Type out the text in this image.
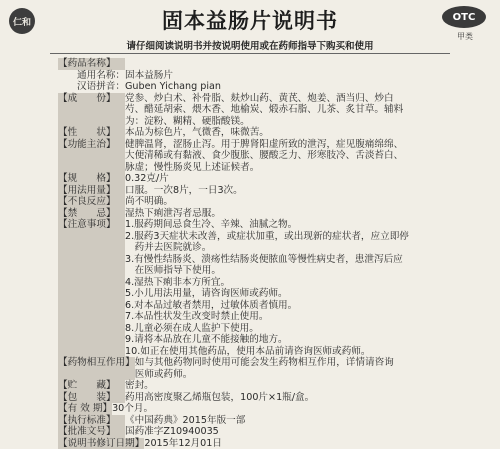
仁和	固本益肠片说明书	OTC
甲类
请仔细阅读说明书并按说明使用或在药师指导下购买和使用
【药品名称】
通用名称： 固本益肠片
汉语拼音： Guben Yichang pian
【成　　份】 党参、炒白术、补骨脂、麸炒山药、黄芪、炮姜、酒当归、炒白
芍、醋延胡索、煨木香、地榆炭、煅赤石脂、儿茶、炙甘草。辅料
为：淀粉、糊精、硬脂酸镁。
【性　　状】 本品为棕色片，气微香，味微苦。
【功能主治】 健脾温肾，涩肠止泻。用于脾肾阳虚所致的泄泻，症见腹痛绵绵、
大便清稀或有黏液、食少腹胀、腰酸乏力、形寒肢冷、舌淡苔白、
脉虚；慢性肠炎见上述证候者。
【规　　格】 0.32克/片
【用法用量】 口服。一次8片，一日3次。
【不良反应】 尚不明确。
【禁　　忌】 湿热下痢泄泻者忌服。
【注意事项】 1.服药期间忌食生冷、辛辣、油腻之物。
2.服药3天症状未改善，或症状加重，或出现新的症状者，应立即停
　药并去医院就诊。
3.有慢性结肠炎、溃疡性结肠炎便脓血等慢性病史者，患泄泻后应
　在医师指导下使用。
4.湿热下痢非本方所宜。
5.小儿用法用量，请咨询医师或药师。
6.对本品过敏者禁用，过敏体质者慎用。
7.本品性状发生改变时禁止使用。
8.儿童必须在成人监护下使用。
9.请将本品放在儿童不能接触的地方。
10.如正在使用其他药品，使用本品前请咨询医师或药师。
【药物相互作用】 如与其他药物同时使用可能会发生药物相互作用，详情请咨询
医师或药师。
【贮　　藏】 密封。
【包　　装】 药用高密度聚乙烯瓶包装，100片×1瓶/盒。
【有 效 期】 30个月。
【执行标准】 《中国药典》2015年版一部
【批准文号】 国药准字Z10940035
【说明书修订日期】 2015年12月01日
